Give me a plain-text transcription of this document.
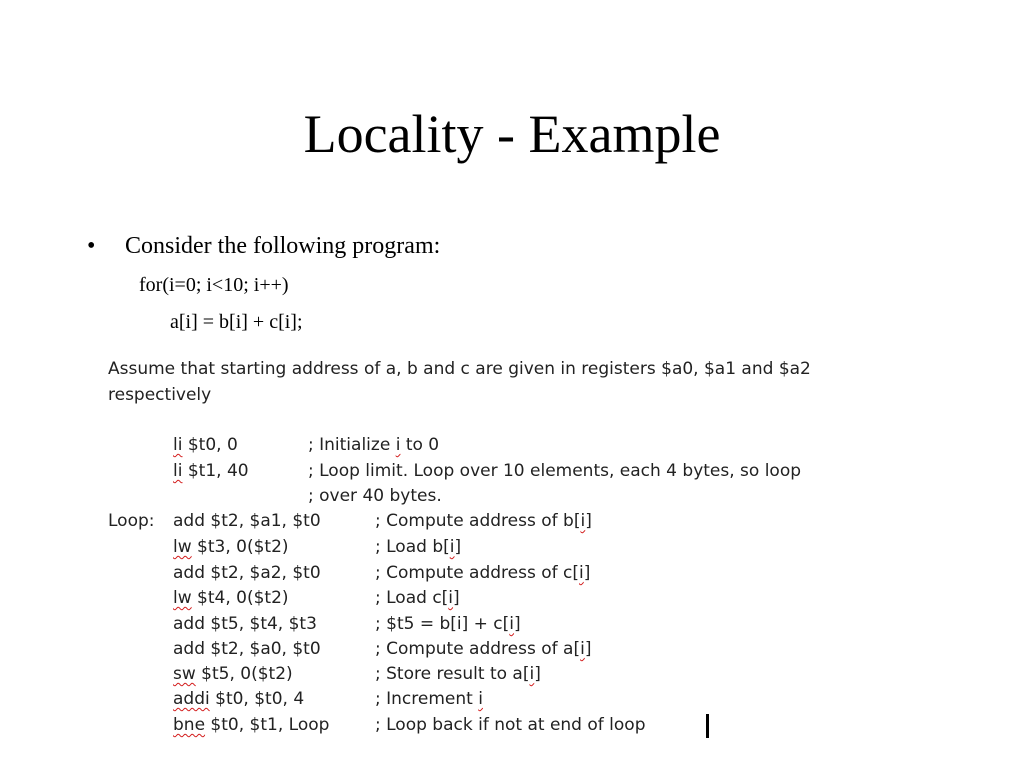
Locality - Example
• Consider the following program:
for(i=0; i<10; i++)
a[i] = b[i] + c[i];
Assume that starting address of a, b and c are given in registers $a0, $a1 and $a2
respectively
li $t0, 0	; Initialize i to 0
li $t1, 40	; Loop limit. Loop over 10 elements, each 4 bytes, so loop
; over 40 bytes.
Loop: add $t2, $a1, $t0	; Compute address of b[i]
lw $t3, 0($t2)	; Load b[i]
add $t2, $a2, $t0	; Compute address of c[i]
lw $t4, 0($t2)	; Load c[i]
add $t5, $t4, $t3	; $t5 = b[i] + c[i]
add $t2, $a0, $t0	; Compute address of a[i]
sw $t5, 0($t2)	; Store result to a[i]
addi $t0, $t0, 4	; Increment i
bne $t0, $t1, Loop	; Loop back if not at end of loop
